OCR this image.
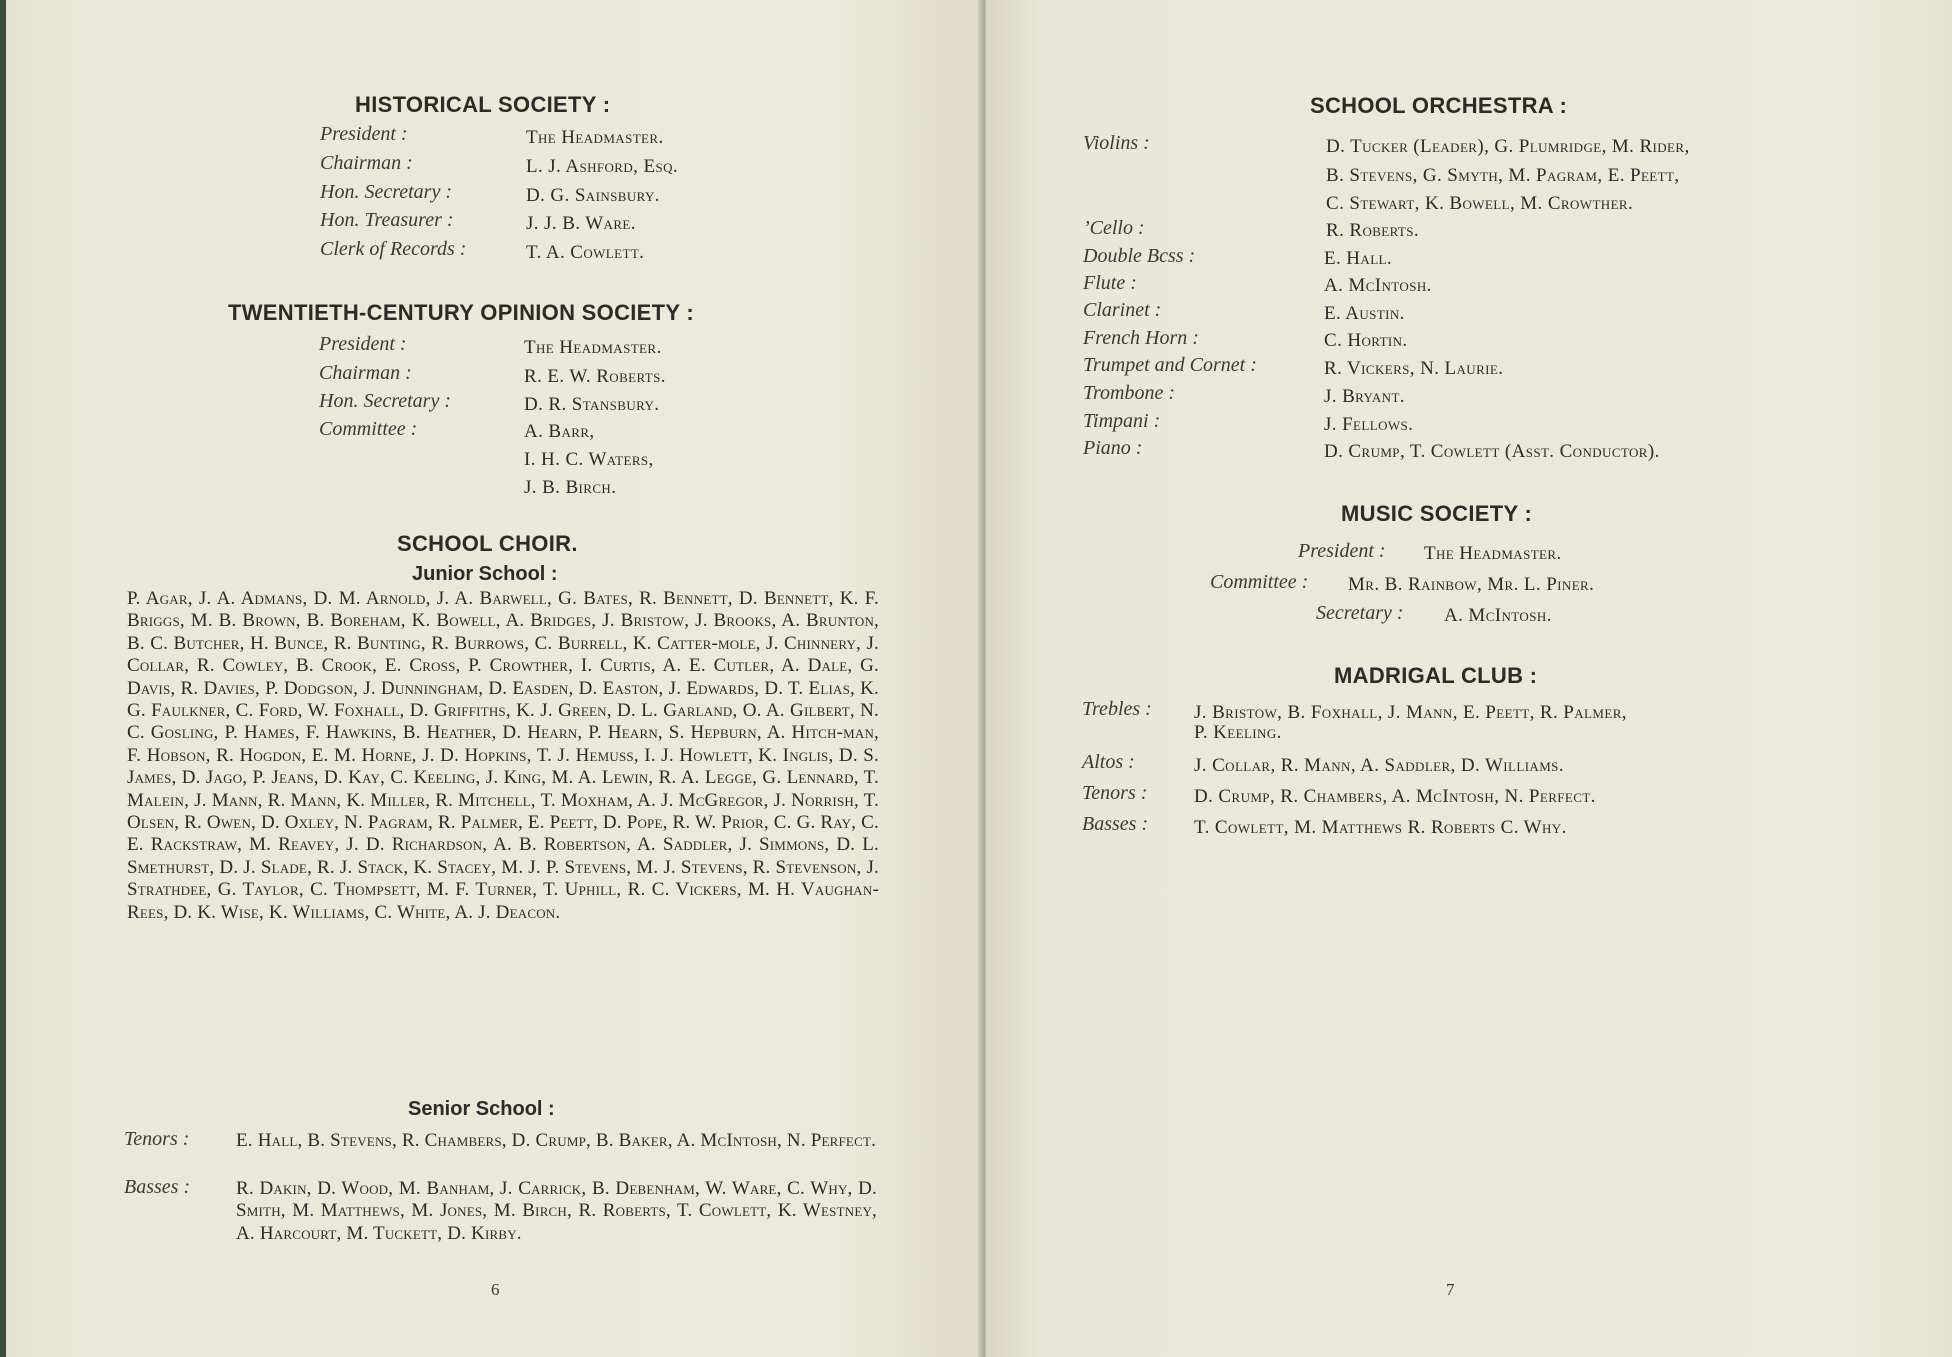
HISTORICAL SOCIETY :
President :	The Headmaster.
Chairman :	L. J. Ashford, Esq.
Hon. Secretary :	D. G. Sainsbury.
Hon. Treasurer :	J. J. B. Ware.
Clerk of Records :	T. A. Cowlett.
TWENTIETH-CENTURY OPINION SOCIETY :
President :	The Headmaster.
Chairman :	R. E. W. Roberts.
Hon. Secretary :	D. R. Stansbury.
Committee :	A. Barr,
I. H. C. Waters,
J. B. Birch.
SCHOOL CHOIR.
Junior School :
P. Agar, J. A. Admans, D. M. Arnold, J. A. Barwell, G. Bates, R. Bennett, D. Bennett, K. F. Briggs, M. B. Brown, B. Boreham, K. Bowell, A. Bridges, J. Bristow, J. Brooks, A. Brunton, B. C. Butcher, H. Bunce, R. Bunting, R. Burrows, C. Burrell, K. Catter-mole, J. Chinnery, J. Collar, R. Cowley, B. Crook, E. Cross, P. Crowther, I. Curtis, A. E. Cutler, A. Dale, G. Davis, R. Davies, P. Dodgson, J. Dunningham, D. Easden, D. Easton, J. Edwards, D. T. Elias, K. G. Faulkner, C. Ford, W. Foxhall, D. Griffiths, K. J. Green, D. L. Garland, O. A. Gilbert, N. C. Gosling, P. Hames, F. Hawkins, B. Heather, D. Hearn, P. Hearn, S. Hepburn, A. Hitch-man, F. Hobson, R. Hogdon, E. M. Horne, J. D. Hopkins, T. J. Hemuss, I. J. Howlett, K. Inglis, D. S. James, D. Jago, P. Jeans, D. Kay, C. Keeling, J. King, M. A. Lewin, R. A. Legge, G. Lennard, T. Malein, J. Mann, R. Mann, K. Miller, R. Mitchell, T. Moxham, A. J. McGregor, J. Norrish, T. Olsen, R. Owen, D. Oxley, N. Pagram, R. Palmer, E. Peett, D. Pope, R. W. Prior, C. G. Ray, C. E. Rackstraw, M. Reavey, J. D. Richardson, A. B. Robertson, A. Saddler, J. Simmons, D. L. Smethurst, D. J. Slade, R. J. Stack, K. Stacey, M. J. P. Stevens, M. J. Stevens, R. Stevenson, J. Strathdee, G. Taylor, C. Thompsett, M. F. Turner, T. Uphill, R. C. Vickers, M. H. Vaughan-Rees, D. K. Wise, K. Williams, C. White, A. J. Deacon.
Senior School :
Tenors : E. Hall, B. Stevens, R. Chambers, D. Crump, B. Baker, A. McIntosh, N. Perfect.
Basses : R. Dakin, D. Wood, M. Banham, J. Carrick, B. Debenham, W. Ware, C. Why, D. Smith, M. Matthews, M. Jones, M. Birch, R. Roberts, T. Cowlett, K. Westney, A. Harcourt, M. Tuckett, D. Kirby.
6
SCHOOL ORCHESTRA :
Violins :	D. Tucker (Leader), G. Plumridge, M. Rider,
B. Stevens, G. Smyth, M. Pagram, E. Peett,
C. Stewart, K. Bowell, M. Crowther.
’Cello :	R. Roberts.
Double Bcss :	E. Hall.
Flute :	A. McIntosh.
Clarinet :	E. Austin.
French Horn :	C. Hortin.
Trumpet and Cornet :	R. Vickers, N. Laurie.
Trombone :	J. Bryant.
Timpani :	J. Fellows.
Piano :	D. Crump, T. Cowlett (Asst. Conductor).
MUSIC SOCIETY :
President : The Headmaster.
Committee : Mr. B. Rainbow, Mr. L. Piner.
Secretary : A. McIntosh.
MADRIGAL CLUB :
Trebles : J. Bristow, B. Foxhall, J. Mann, E. Peett, R. Palmer,
P. Keeling.
Altos :	J. Collar, R. Mann, A. Saddler, D. Williams.
Tenors : D. Crump, R. Chambers, A. McIntosh, N. Perfect.
Basses : T. Cowlett, M. Matthews R. Roberts C. Why.
7
